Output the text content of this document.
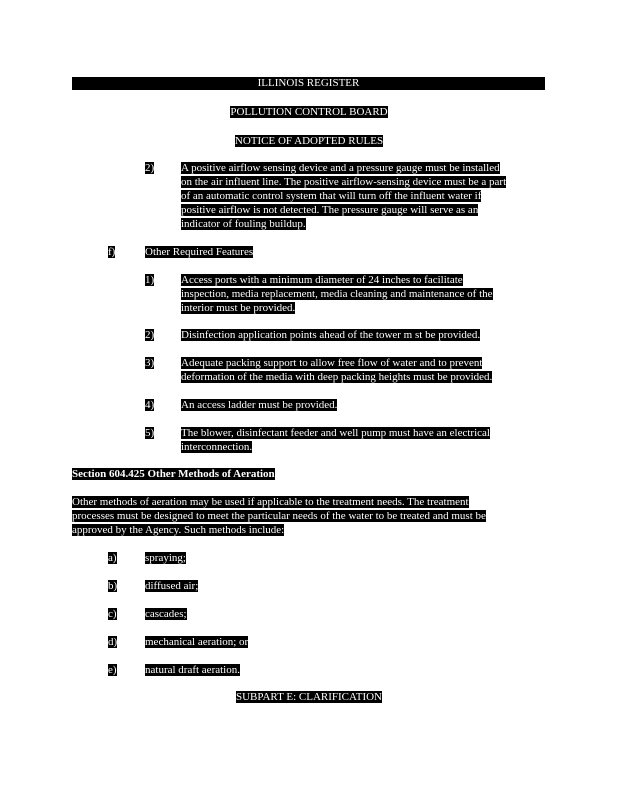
ILLINOIS REGISTER
POLLUTION CONTROL BOARD
NOTICE OF ADOPTED RULES
2) A positive airflow sensing device and a pressure gauge must be installed
on the air influent line. The positive airflow-sensing device must be a part
of an automatic control system that will turn off the influent water if
positive airflow is not detected. The pressure gauge will serve as an
indicator of fouling buildup.
f)	Other Required Features
1) Access ports with a minimum diameter of 24 inches to facilitate
inspection, media replacement, media cleaning and maintenance of the
interior must be provided.
2) Disinfection application points ahead of the tower m st be provided.
3) Adequate packing support to allow free flow of water and to prevent
deformation of the media with deep packing heights must be provided.
4) An access ladder must be provided.
5) The blower, disinfectant feeder and well pump must have an electrical
interconnection.
Section 604.425 Other Methods of Aeration
Other methods of aeration may be used if applicable to the treatment needs. The treatment
processes must be designed to meet the particular needs of the water to be treated and must be
approved by the Agency. Such methods include:
a)	spraying;
b)	diffused air;
c)	cascades;
d)	mechanical aeration; or
e)	natural draft aeration.
SUBPART E: CLARIFICATION
